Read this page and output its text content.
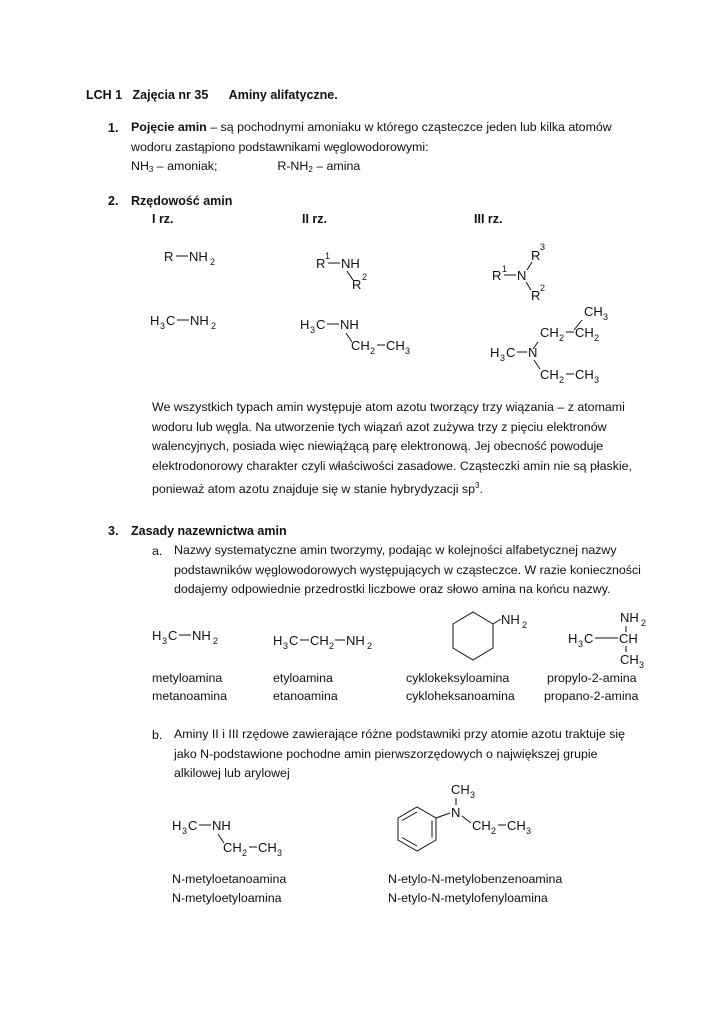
LCH 1 Zajęcia nr 35 Aminy alifatyczne.
1. Pojęcie amin – są pochodnymi amoniaku w którego cząsteczce jeden lub kilka atomów
wodoru zastąpiono podstawnikami węglowodorowymi:
$NH_3$ – amoniak;	$R-NH_2$ – amina
2. Rzędowość amin
I rz.	II rz.	III rz.
R NH 2	R 1 NH
R 2	R 1 N
R
3
R 2
H 3 C NH 2	H 3 C NH
CH 2 CH 3
CH 3
CH 2 CH 2
H 3 C N
CH 2 CH 3
We wszystkich typach amin występuje atom azotu tworzący trzy wiązania – z atomami
wodoru lub węgla. Na utworzenie tych wiązań azot zużywa trzy z pięciu elektronów
walencyjnych, posiada więc niewiążącą parę elektronową. Jej obecność powoduje
elektrodonorowy charakter czyli właściwości zasadowe. Cząsteczki amin nie są płaskie,
ponieważ atom azotu znajduje się w stanie hybrydyzacji $sp^3$.
3. Zasady nazewnictwa amin
a. Nazwy systematyczne amin tworzymy, podając w kolejności alfabetycznej nazwy
podstawników węglowodorowych występujących w cząsteczce. W razie konieczności
dodajemy odpowiednie przedrostki liczbowe oraz słowo amina na końcu nazwy.
H 3 C NH 2	H 3 C CH 2 NH 2
NH 2	NH 2
H 3 C CH
CH 3
metyloamina	etyloamina	cyklokeksyloamina	propylo-2-amina
metanoamina	etanoamina	cykloheksanoamina propano-2-amina
b. Aminy II i III rzędowe zawierające różne podstawniki przy atomie azotu traktuje się
jako N-podstawione pochodne amin pierwszorzędowych o największej grupie
alkilowej lub arylowej
H 3 C NH
CH 2 CH 3
N
CH 3
CH 2 CH 3
N-metyloetanoamina
N-metyloetyloamina
N-etylo-N-metylobenzenoamina
N-etylo-N-metylofenyloamina
